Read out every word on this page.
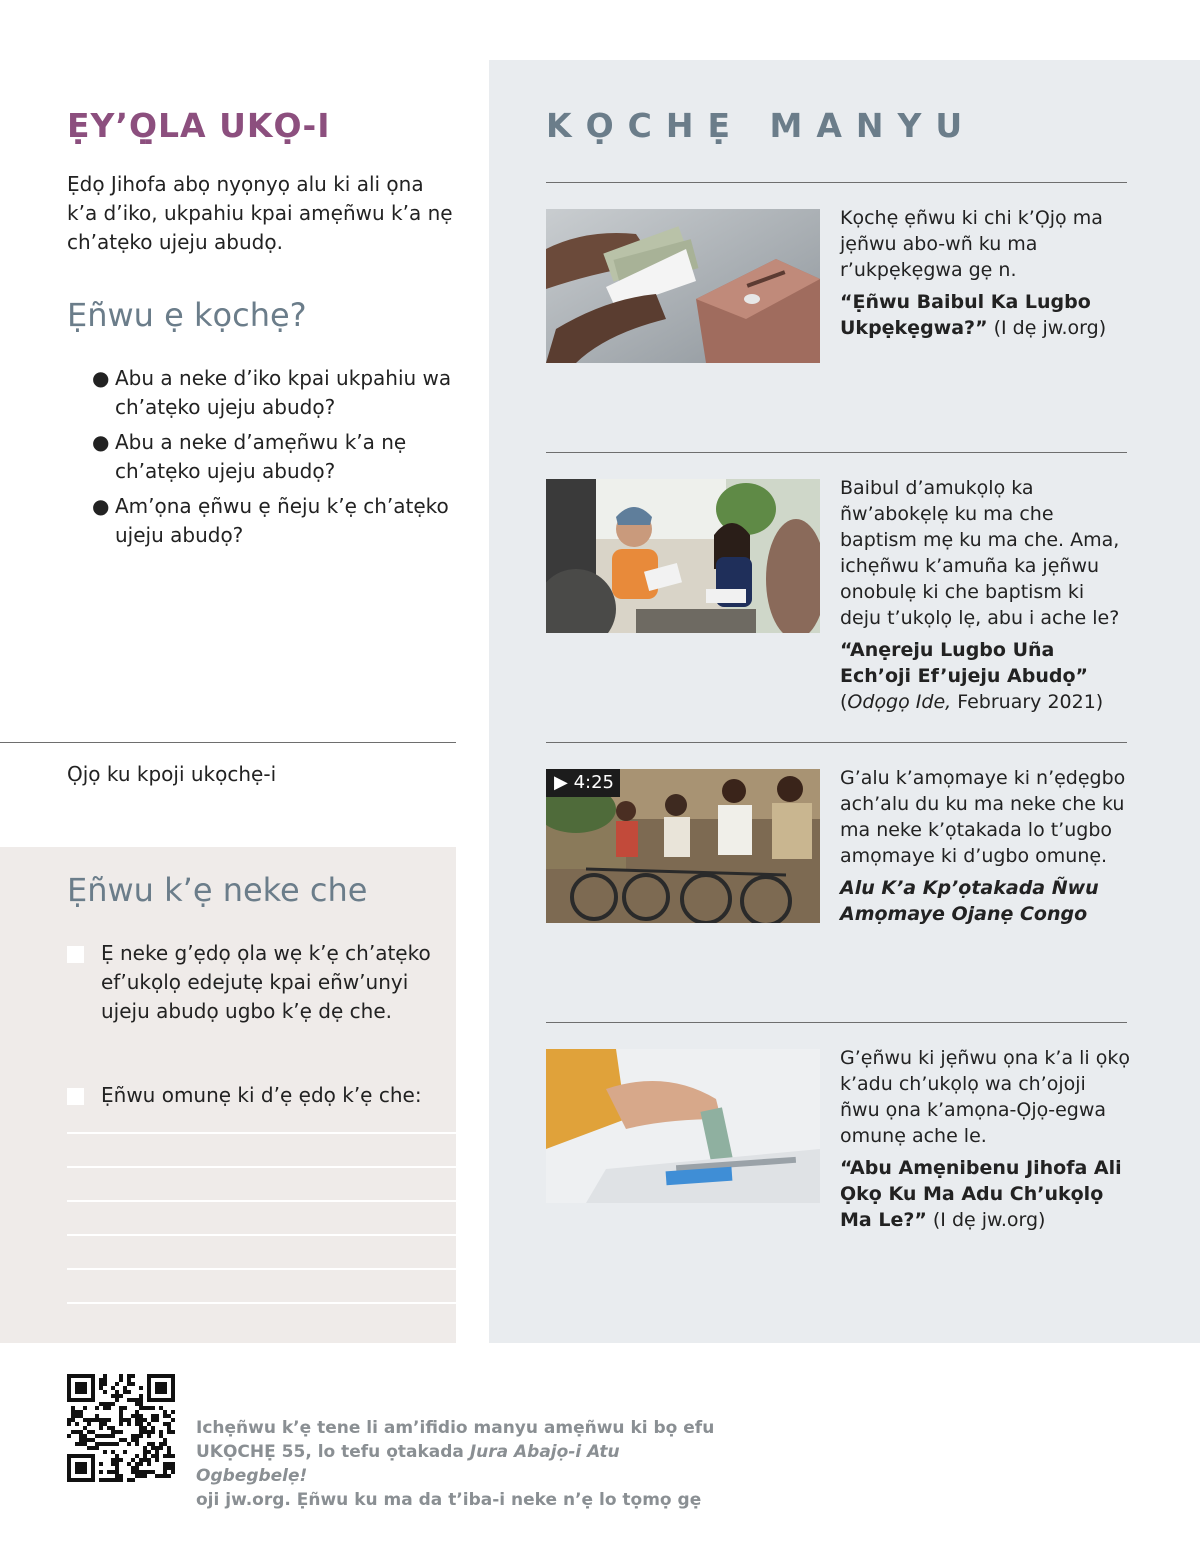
KỌCHẸ MANYU
Kọchẹ ẹñwu ki chi k’Ọjọ ma jẹñwu abo-wñ ku ma r’ukpẹkẹgwa gẹ n.
“Ẹñwu Baibul Ka Lugbo Ukpẹkẹgwa?” (I dẹ jw.org)
Baibul d’amukọlọ ka ñw’abokẹlẹ ku ma che baptism mẹ ku ma che. Ama, ichẹñwu k’amuña ka jẹñwu onobulẹ ki che baptism ki deju t’ukọlọ lẹ, abu i ache le?
“Anẹreju Lugbo Uña Ech’oji Ef’ujeju Abudọ” (Odọgọ Ide, February 2021)
▶ 4:25	G’alu k’amọmaye ki n’ẹdẹgbo ach’alu du ku ma neke che ku ma neke k’ọtakada lo t’ugbo amọmaye ki d’ugbo omunẹ.
Alu K’a Kp’ọtakada Ñwu Amọmaye Ojanẹ Congo
G’ẹñwu ki jẹñwu ọna k’a li ọkọ k’adu ch’ukọlọ wa ch’ojoji ñwu ọna k’amọna-Ọjọ-egwa omunẹ ache le.
“Abu Amẹnibenu Jihofa Ali Ọkọ Ku Ma Adu Ch’ukọlọ Ma Le?” (I dẹ jw.org)
ẸY’Ọ̣LA UKỌ-I
Ẹdọ Jihofa abọ nyọnyọ alu ki ali ọna k’a d’iko, ukpahiu kpai amẹñwu k’a nẹ ch’atẹko ujeju abudọ.
Ẹñwu ẹ kọchẹ?
● Abu a neke d’iko kpai ukpahiu wa ch’atẹko ujeju abudọ?
● Abu a neke d’amẹñwu k’a nẹ ch’atẹko ujeju abudọ?
● Am’ọna ẹñwu ẹ ñeju k’ẹ ch’atẹko ujeju abudọ?
Ọjọ ku kpoji ukọchẹ-i
Ẹñwu k’ẹ neke che
Ẹ neke g’ẹdọ ọla wẹ k’ẹ ch’atẹko ef’ukọlọ edejutẹ kpai eñw’unyi ujeju abudọ ugbo k’ẹ dẹ che.
Ẹñwu omunẹ ki d’ẹ ẹdọ k’ẹ che:
Ichẹñwu k’ẹ tene li am’ifidio manyu amẹñwu ki bọ efu
UKỌCHẸ 55, lo tefu ọtakada Jura Abajọ-i Atu Ogbegbelẹ!
oji jw.org. Ẹñwu ku ma da t’iba-i neke n’ẹ lo tọmọ gẹ
